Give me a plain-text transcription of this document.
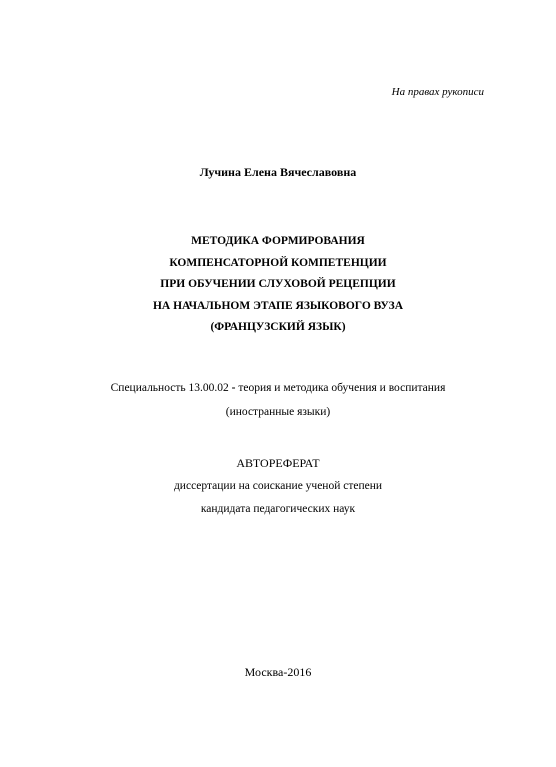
На правах рукописи
Лучина Елена Вячеславовна
МЕТОДИКА ФОРМИРОВАНИЯ
КОМПЕНСАТОРНОЙ КОМПЕТЕНЦИИ
ПРИ ОБУЧЕНИИ СЛУХОВОЙ РЕЦЕПЦИИ
НА НАЧАЛЬНОМ ЭТАПЕ ЯЗЫКОВОГО ВУЗА
(ФРАНЦУЗСКИЙ ЯЗЫК)
Специальность 13.00.02 - теория и методика обучения и воспитания
(иностранные языки)
АВТОРЕФЕРАТ
диссертации на соискание ученой степени
кандидата педагогических наук
Москва-2016
